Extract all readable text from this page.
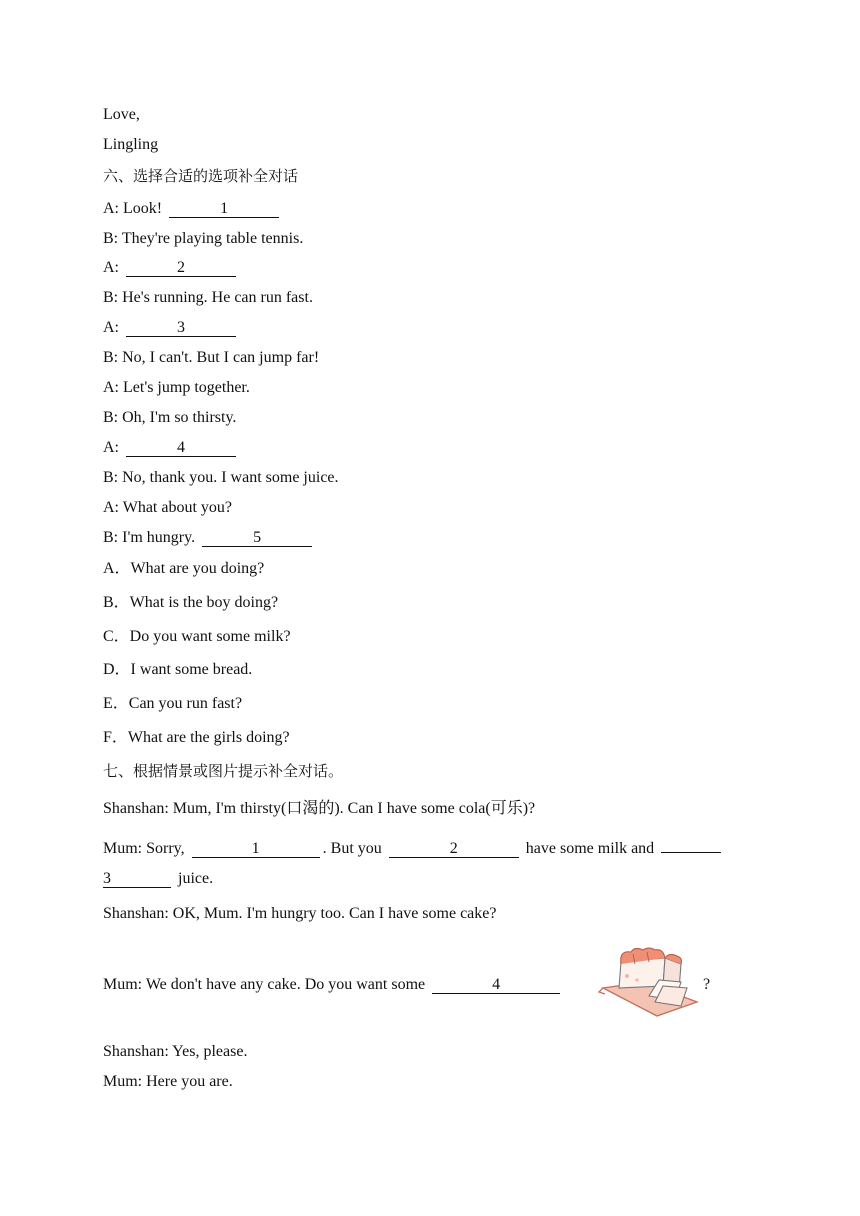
Love,
Lingling
六、选择合适的选项补全对话
A: Look!	1
B: They're playing table tennis.
A:	2
B: He's running. He can run fast.
A:	3
B: No, I can't. But I can jump far!
A: Let's jump together.
B: Oh, I'm so thirsty.
A:	4
B: No, thank you. I want some juice.
A: What about you?
B: I'm hungry.	5
A．What are you doing?
B．What is the boy doing?
C．Do you want some milk?
D．I want some bread.
E．Can you run fast?
F．What are the girls doing?
七、根据情景或图片提示补全对话。
Shanshan: Mum, I'm thirsty(口渴的). Can I have some cola(可乐)?
Mum: Sorry,	1	. But you	2	have some milk and
3	juice.
Shanshan: OK, Mum. I'm hungry too. Can I have some cake?
Mum: We don't have any cake. Do you want some	4	?
Shanshan: Yes, please.
Mum: Here you are.
